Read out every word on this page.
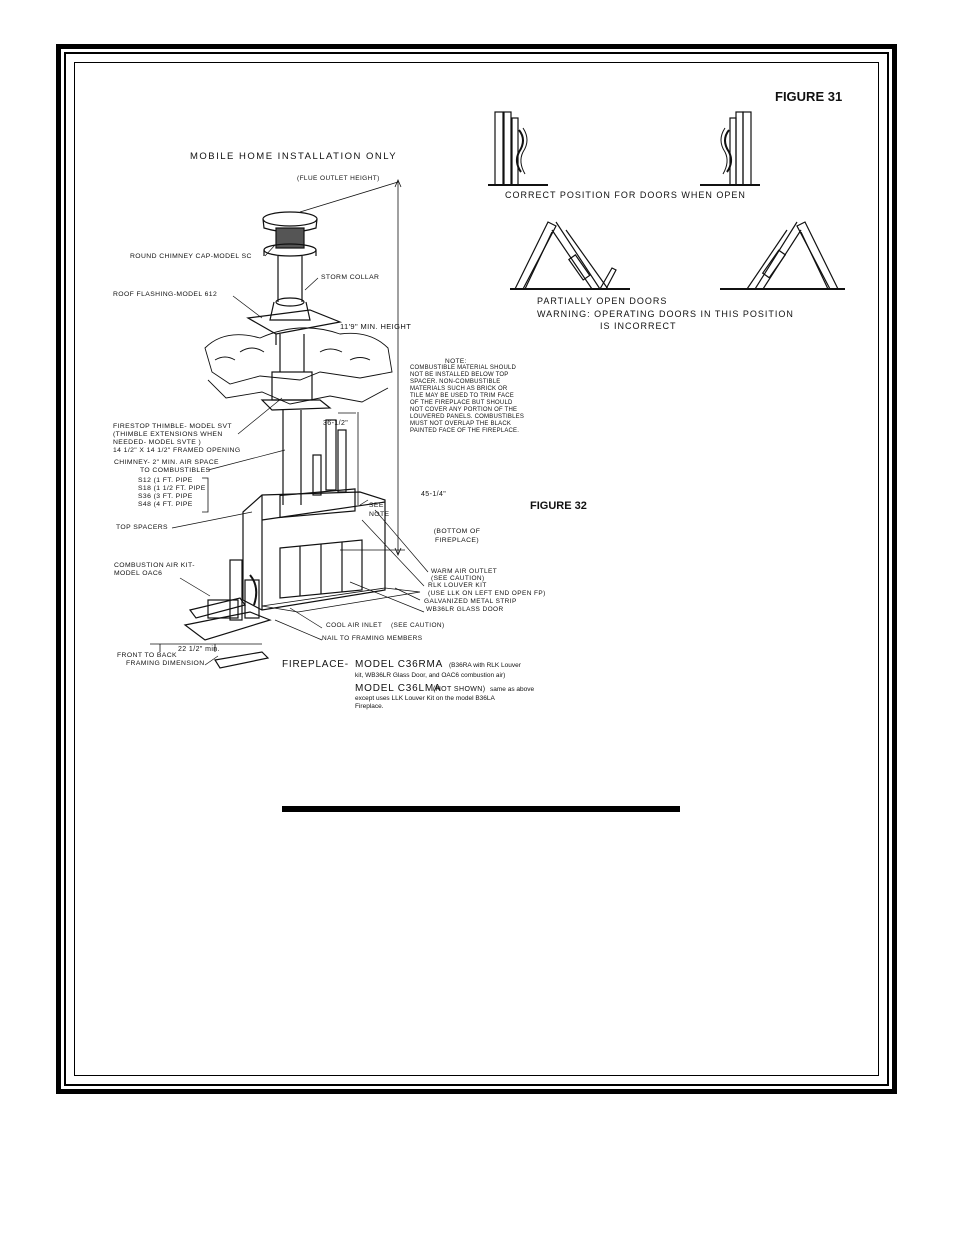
FIGURE 31
CORRECT POSITION FOR DOORS WHEN OPEN
PARTIALLY OPEN DOORS
WARNING: OPERATING DOORS IN THIS POSITION
IS INCORRECT
MOBILE HOME INSTALLATION ONLY
(FLUE OUTLET HEIGHT)
ROUND CHIMNEY CAP-MODEL SC
STORM COLLAR
ROOF FLASHING-MODEL 612
11'9" MIN. HEIGHT
NOTE:
COMBUSTIBLE MATERIAL SHOULD
NOT BE INSTALLED BELOW TOP
SPACER. NON-COMBUSTIBLE
MATERIALS SUCH AS BRICK OR
TILE MAY BE USED TO TRIM FACE
OF THE FIREPLACE BUT SHOULD
NOT COVER ANY PORTION OF THE
LOUVERED PANELS. COMBUSTIBLES
MUST NOT OVERLAP THE BLACK
PAINTED FACE OF THE FIREPLACE.
FIRESTOP THIMBLE- MODEL SVT
(THIMBLE EXTENSIONS WHEN
NEEDED- MODEL SVTE )
14 1/2" X 14 1/2" FRAMED OPENING
36-1/2"
CHIMNEY- 2" MIN. AIR SPACE
TO COMBUSTIBLES
S12 (1 FT. PIPE
S18 (1 1/2 FT. PIPE
S36 (3 FT. PIPE
S48 (4 FT. PIPE	SEE NOTE
45-1/4"
(BOTTOM OF FIREPLACE)
FIGURE 32
TOP SPACERS
COMBUSTION AIR KIT-
MODEL OAC6	WARM AIR OUTLET
(SEE CAUTION)
RLK LOUVER KIT
(USE LLK ON LEFT END OPEN FP)
GALVANIZED METAL STRIP
WB36LR GLASS DOOR
COOL AIR INLET    (SEE CAUTION)
NAIL TO FRAMING MEMBERS
22 1/2" min.
FRONT TO BACK
FRAMING DIMENSION	FIREPLACE- MODEL C36RMA (B36RA with RLK Louver
kit, WB36LR Glass Door, and OAC6 combustion air)
MODEL C36LMA
(NOT SHOWN) same as above
except uses LLK Louver Kit on the model B36LA
Fireplace.
